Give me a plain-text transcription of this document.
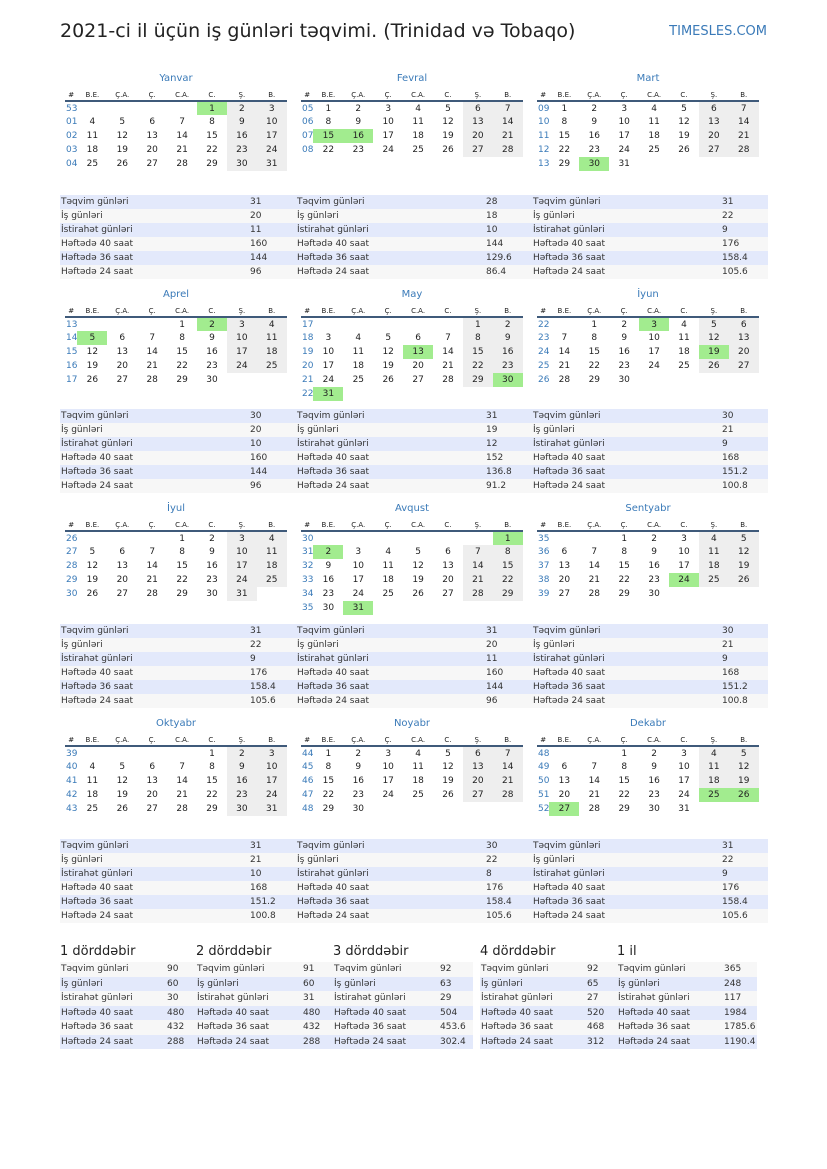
2021-ci il üçün iş günləri təqvimi. (Trinidad və Tobaqo)	TIMESLES.COM
Yanvar
#	B.E.	Ç.A.	Ç.	C.A.	C.	Ş.	B.
53					1	2	3
01	4	5	6	7	8	9	10
02	11	12	13	14	15	16	17
03	18	19	20	21	22	23	24
04	25	26	27	28	29	30	31
Təqvim günləri	31
İş günləri	20
İstirahət günləri	11
Həftədə 40 saat	160
Həftədə 36 saat	144
Həftədə 24 saat	96
Fevral
#	B.E.	Ç.A.	Ç.	C.A.	C.	Ş.	B.
05	1	2	3	4	5	6	7
06	8	9	10	11	12	13	14
07	15	16	17	18	19	20	21
08	22	23	24	25	26	27	28
Təqvim günləri	28
İş günləri	18
İstirahət günləri	10
Həftədə 40 saat	144
Həftədə 36 saat	129.6
Həftədə 24 saat	86.4
Mart
#	B.E.	Ç.A.	Ç.	C.A.	C.	Ş.	B.
09	1	2	3	4	5	6	7
10	8	9	10	11	12	13	14
11	15	16	17	18	19	20	21
12	22	23	24	25	26	27	28
13	29	30	31				
Təqvim günləri	31
İş günləri	22
İstirahət günləri	9
Həftədə 40 saat	176
Həftədə 36 saat	158.4
Həftədə 24 saat	105.6
Aprel
#	B.E.	Ç.A.	Ç.	C.A.	C.	Ş.	B.
13				1	2	3	4
14	5	6	7	8	9	10	11
15	12	13	14	15	16	17	18
16	19	20	21	22	23	24	25
17	26	27	28	29	30		
Təqvim günləri	30
İş günləri	20
İstirahət günləri	10
Həftədə 40 saat	160
Həftədə 36 saat	144
Həftədə 24 saat	96
May
#	B.E.	Ç.A.	Ç.	C.A.	C.	Ş.	B.
17						1	2
18	3	4	5	6	7	8	9
19	10	11	12	13	14	15	16
20	17	18	19	20	21	22	23
21	24	25	26	27	28	29	30
22	31						
Təqvim günləri	31
İş günləri	19
İstirahət günləri	12
Həftədə 40 saat	152
Həftədə 36 saat	136.8
Həftədə 24 saat	91.2
İyun
#	B.E.	Ç.A.	Ç.	C.A.	C.	Ş.	B.
22		1	2	3	4	5	6
23	7	8	9	10	11	12	13
24	14	15	16	17	18	19	20
25	21	22	23	24	25	26	27
26	28	29	30				
Təqvim günləri	30
İş günləri	21
İstirahət günləri	9
Həftədə 40 saat	168
Həftədə 36 saat	151.2
Həftədə 24 saat	100.8
İyul
#	B.E.	Ç.A.	Ç.	C.A.	C.	Ş.	B.
26				1	2	3	4
27	5	6	7	8	9	10	11
28	12	13	14	15	16	17	18
29	19	20	21	22	23	24	25
30	26	27	28	29	30	31	
Təqvim günləri	31
İş günləri	22
İstirahət günləri	9
Həftədə 40 saat	176
Həftədə 36 saat	158.4
Həftədə 24 saat	105.6
Avqust
#	B.E.	Ç.A.	Ç.	C.A.	C.	Ş.	B.
30							1
31	2	3	4	5	6	7	8
32	9	10	11	12	13	14	15
33	16	17	18	19	20	21	22
34	23	24	25	26	27	28	29
35	30	31					
Təqvim günləri	31
İş günləri	20
İstirahət günləri	11
Həftədə 40 saat	160
Həftədə 36 saat	144
Həftədə 24 saat	96
Sentyabr
#	B.E.	Ç.A.	Ç.	C.A.	C.	Ş.	B.
35			1	2	3	4	5
36	6	7	8	9	10	11	12
37	13	14	15	16	17	18	19
38	20	21	22	23	24	25	26
39	27	28	29	30			
Təqvim günləri	30
İş günləri	21
İstirahət günləri	9
Həftədə 40 saat	168
Həftədə 36 saat	151.2
Həftədə 24 saat	100.8
Oktyabr
#	B.E.	Ç.A.	Ç.	C.A.	C.	Ş.	B.
39					1	2	3
40	4	5	6	7	8	9	10
41	11	12	13	14	15	16	17
42	18	19	20	21	22	23	24
43	25	26	27	28	29	30	31
Təqvim günləri	31
İş günləri	21
İstirahət günləri	10
Həftədə 40 saat	168
Həftədə 36 saat	151.2
Həftədə 24 saat	100.8
Noyabr
#	B.E.	Ç.A.	Ç.	C.A.	C.	Ş.	B.
44	1	2	3	4	5	6	7
45	8	9	10	11	12	13	14
46	15	16	17	18	19	20	21
47	22	23	24	25	26	27	28
48	29	30					
Təqvim günləri	30
İş günləri	22
İstirahət günləri	8
Həftədə 40 saat	176
Həftədə 36 saat	158.4
Həftədə 24 saat	105.6
Dekabr
#	B.E.	Ç.A.	Ç.	C.A.	C.	Ş.	B.
48			1	2	3	4	5
49	6	7	8	9	10	11	12
50	13	14	15	16	17	18	19
51	20	21	22	23	24	25	26
52	27	28	29	30	31		
Təqvim günləri	31
İş günləri	22
İstirahət günləri	9
Həftədə 40 saat	176
Həftədə 36 saat	158.4
Həftədə 24 saat	105.6
1 dörddəbir
Təqvim günləri	90
İş günləri	60
İstirahət günləri	30
Həftədə 40 saat	480
Həftədə 36 saat	432
Həftədə 24 saat	288
2 dörddəbir
Təqvim günləri	91
İş günləri	60
İstirahət günləri	31
Həftədə 40 saat	480
Həftədə 36 saat	432
Həftədə 24 saat	288
3 dörddəbir
Təqvim günləri	92
İş günləri	63
İstirahət günləri	29
Həftədə 40 saat	504
Həftədə 36 saat	453.6
Həftədə 24 saat	302.4
4 dörddəbir
Təqvim günləri	92
İş günləri	65
İstirahət günləri	27
Həftədə 40 saat	520
Həftədə 36 saat	468
Həftədə 24 saat	312
1 il
Təqvim günləri	365
İş günləri	248
İstirahət günləri	117
Həftədə 40 saat	1984
Həftədə 36 saat	1785.6
Həftədə 24 saat	1190.4
